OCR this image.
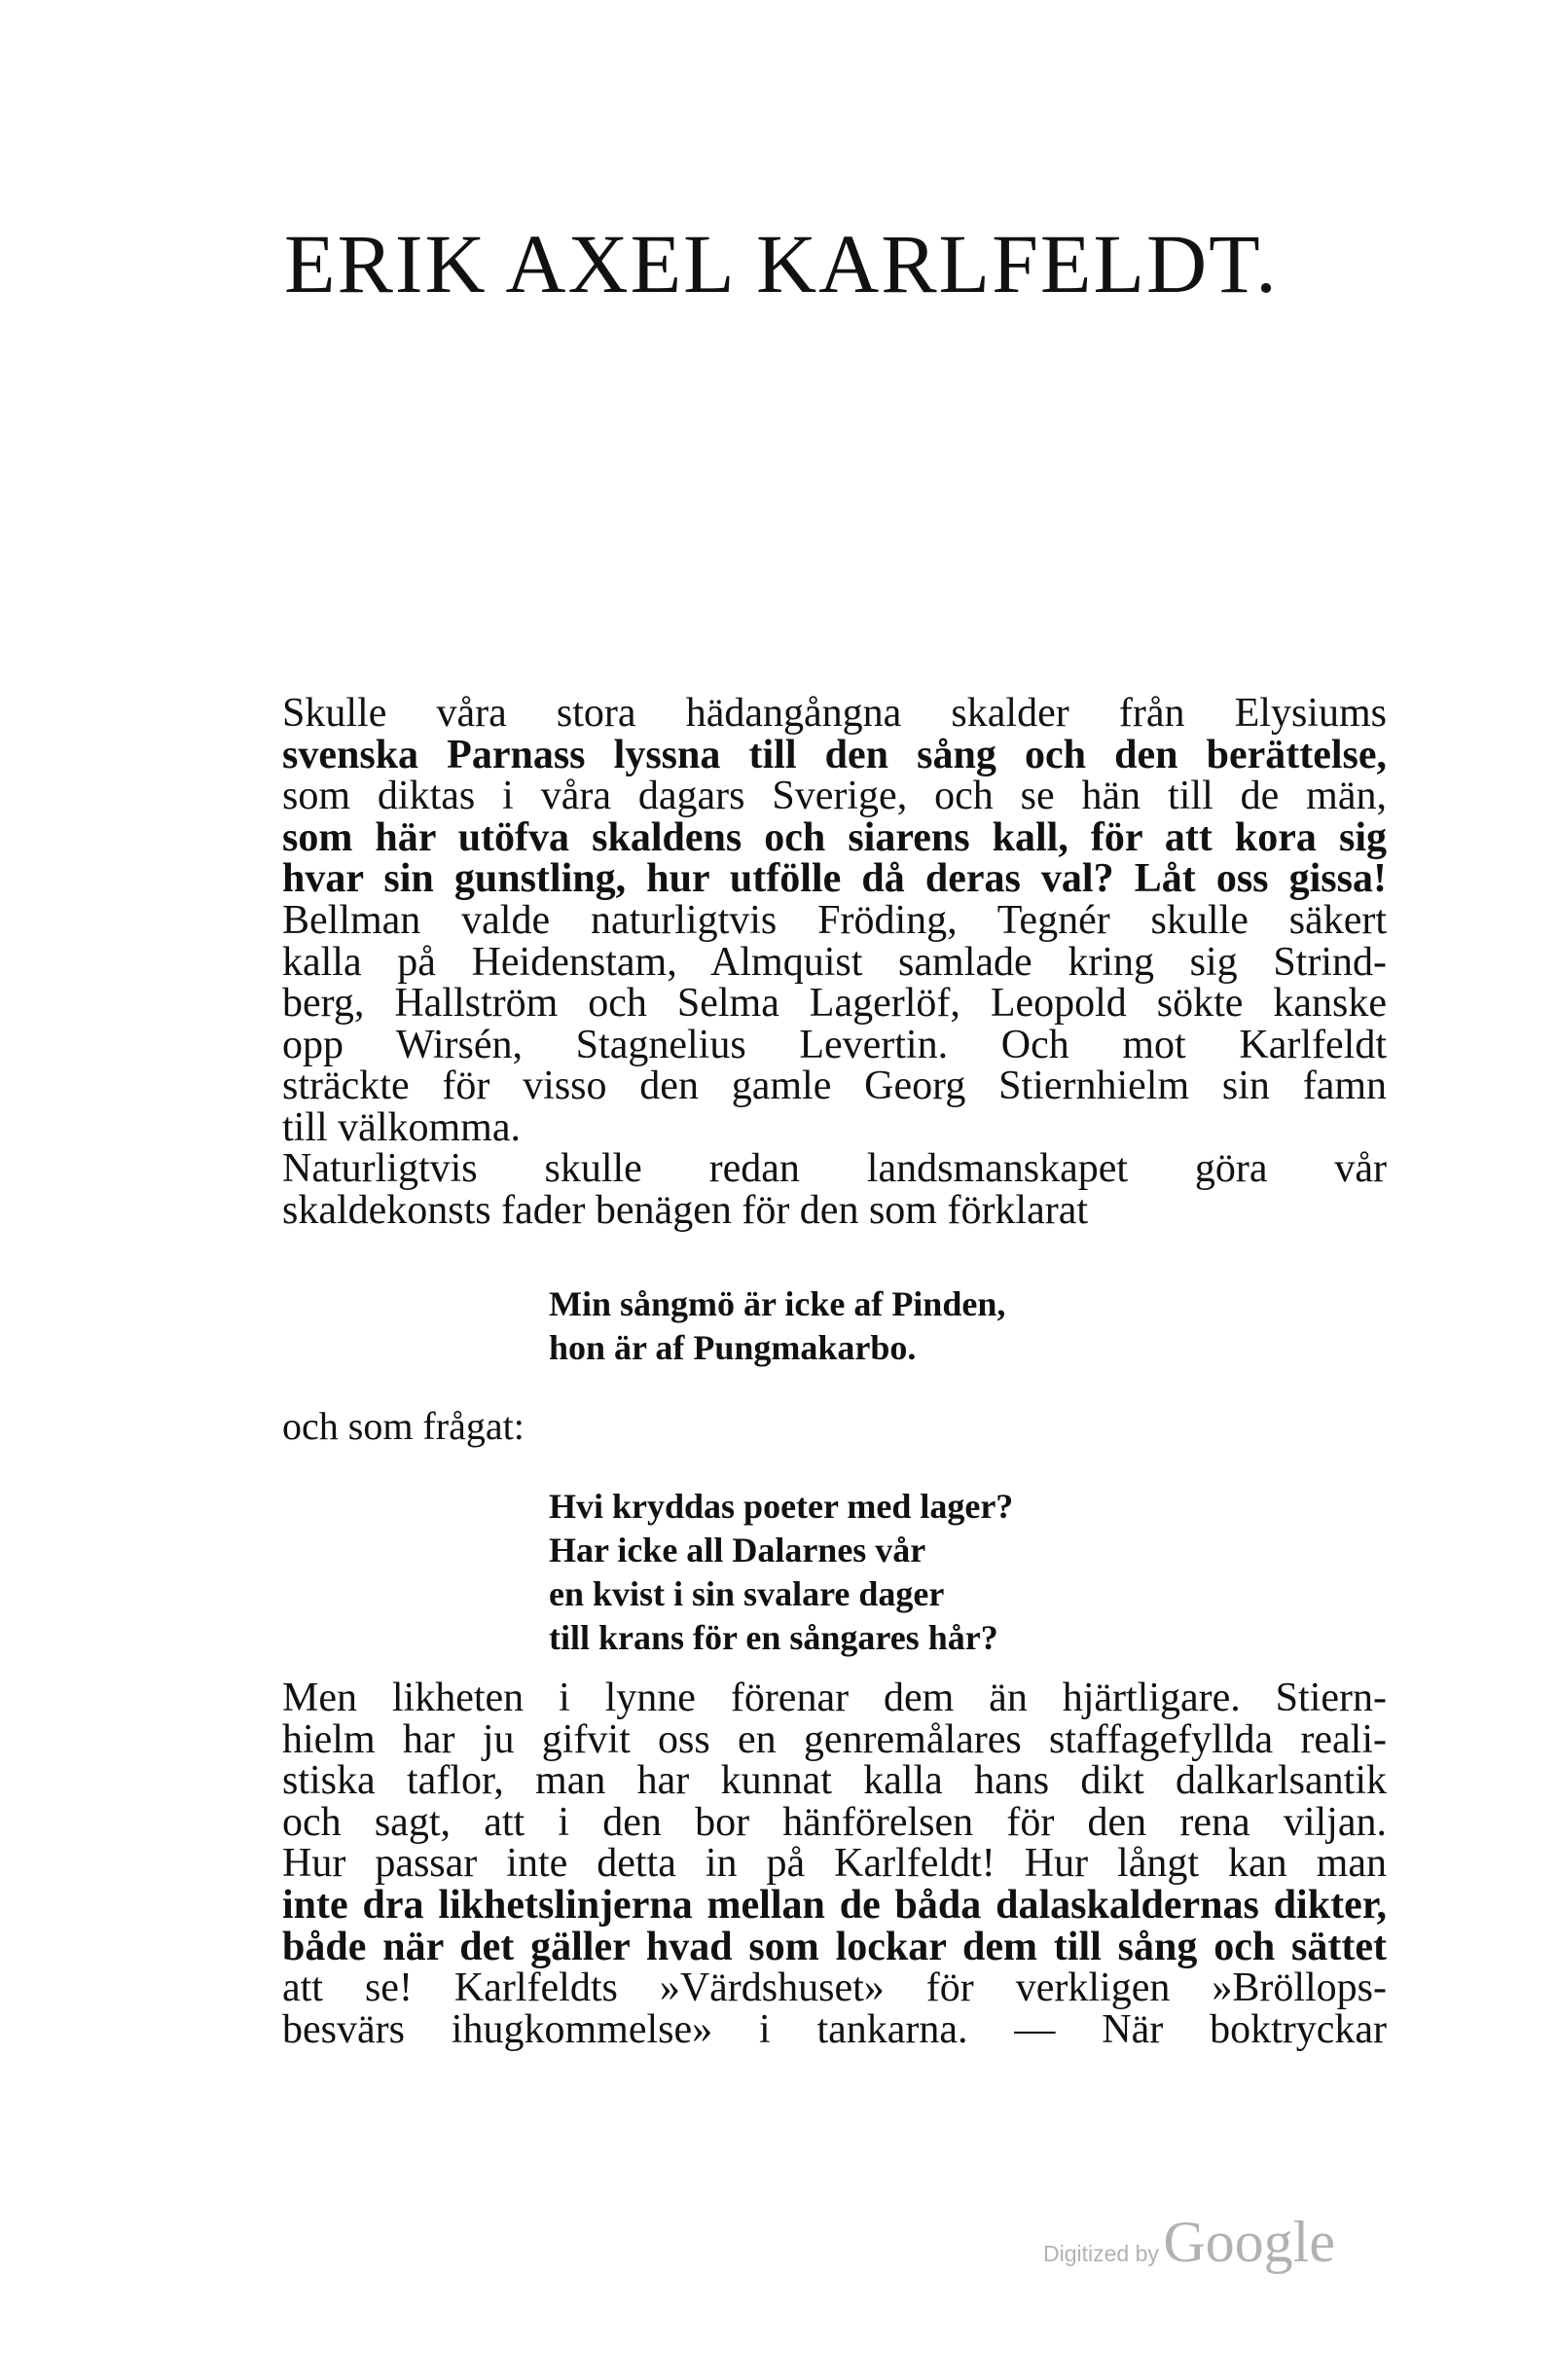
ERIK AXEL KARLFELDT.
Skulle våra stora hädangångna skalder från Elysiums
svenska Parnass lyssna till den sång och den berättelse,
som diktas i våra dagars Sverige, och se hän till de män,
som här utöfva skaldens och siarens kall, för att kora sig
hvar sin gunstling, hur utfölle då deras val? Låt oss gissa!
Bellman valde naturligtvis Fröding, Tegnér skulle säkert
kalla på Heidenstam, Almquist samlade kring sig Strind-
berg, Hallström och Selma Lagerlöf, Leopold sökte kanske
opp Wirsén, Stagnelius Levertin. Och mot Karlfeldt
sträckte för visso den gamle Georg Stiernhielm sin famn
till välkomma.
Naturligtvis skulle redan landsmanskapet göra vår
skaldekonsts fader benägen för den som förklarat
Min sångmö är icke af Pinden,
hon är af Pungmakarbo.
och som frågat:
Hvi kryddas poeter med lager?
Har icke all Dalarnes vår
en kvist i sin svalare dager
till krans för en sångares hår?
Men likheten i lynne förenar dem än hjärtligare. Stiern-
hielm har ju gifvit oss en genremålares staffagefyllda reali-
stiska taflor, man har kunnat kalla hans dikt dalkarlsantik
och sagt, att i den bor hänförelsen för den rena viljan.
Hur passar inte detta in på Karlfeldt! Hur långt kan man
inte dra likhetslinjerna mellan de båda dalaskaldernas dikter,
både när det gäller hvad som lockar dem till sång och sättet
att se! Karlfeldts »Värdshuset» för verkligen »Bröllops-
besvärs ihugkommelse» i tankarna. — När boktryckar
Digitized by Google
